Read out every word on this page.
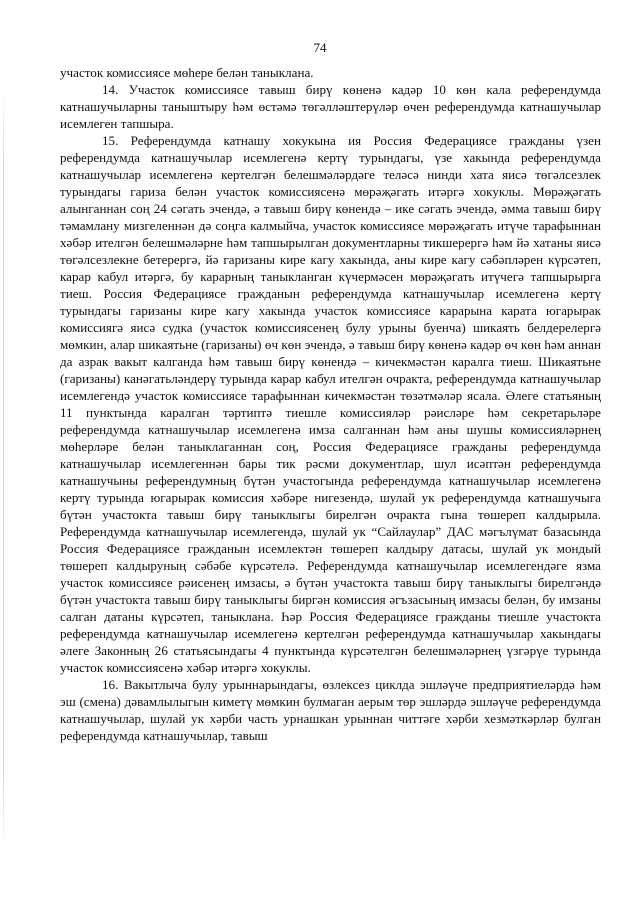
74

участок комиссиясе мөһере белән таныклана.

14. Участок комиссиясе тавыш бирү көненә кадәр 10 көн кала референдумда катнашучыларны таныштыру һәм өстәмә төгәлләштерүләр өчен референдумда катнашучылар исемлеген тапшыра.

15. Референдумда катнашу хокукына ия Россия Федерациясе гражданы үзен референдумда катнашучылар исемлегенә кертү турындагы, үзе хакында референдумда катнашучылар исемлегенә кертелгән белешмәләрдәге теләсә нинди хата яисә төгәлсезлек турындагы гариза белән участок комиссиясенә мөрәҗәгать итәргә хокуклы. Мөрәҗәгать алынганнан соң 24 сәгать эчендә, ә тавыш бирү көнендә – ике сәгать эчендә, әмма тавыш бирү тәмамлану мизгеленнән дә соңга калмыйча, участок комиссиясе мөрәҗәгать итүче тарафыннан хәбәр ителгән белешмәләрне һәм тапшырылган документларны тикшерергә һәм йә хатаны яисә төгәлсезлекне бетерергә, йә гаризаны кире кагу хакында, аны кире кагу сәбәпләрен күрсәтеп, карар кабул итәргә, бу карарның таныкланган күчермәсен мөрәҗәгать итүчегә тапшырырга тиеш. Россия Федерациясе гражданын референдумда катнашучылар исемлегенә кертү турындагы гаризаны кире кагу хакында участок комиссиясе карарына карата югарырак комиссиягә яисә судка (участок комиссиясенең булу урыны буенча) шикаять белдерелергә мөмкин, алар шикаятьне (гаризаны) өч көн эчендә, ә тавыш бирү көненә кадәр өч көн һәм аннан да азрак вакыт калганда һәм тавыш бирү көнендә – кичекмәстән каралга тиеш. Шикаятьне (гаризаны) канәгатьләндерү турында карар кабул ителгән очракта, референдумда катнашучылар исемлегендә участок комиссиясе тарафыннан кичекмәстән төзәтмәләр ясала. Әлеге статьяның 11 пунктында каралган тәртиптә тиешле комиссияләр рәисләре һәм секретарьләре референдумда катнашучылар исемлегенә имза салганнан һәм аны шушы комиссияләрнең мөһерләре белән таныклаганнан соң, Россия Федерациясе гражданы референдумда катнашучылар исемлегеннән бары тик рәсми документлар, шул исәптән референдумда катнашучыны референдумның бүтән участогында референдумда катнашучылар исемлегенә кертү турында югарырак комиссия хәбәре нигезендә, шулай ук референдумда катнашучыга бүтән участокта тавыш бирү таныклыгы бирелгән очракта гына төшереп калдырыла. Референдумда катнашучылар исемлегендә, шулай ук “Сайлаулар” ДАС мәгълүмат базасында Россия Федерациясе гражданын исемлектән төшереп калдыру датасы, шулай ук мондый төшереп калдыруның сәбәбе күрсәтелә. Референдумда катнашучылар исемлегендәге язма участок комиссиясе рәисенең имзасы, ә бүтән участокта тавыш бирү таныклыгы бирелгәндә бүтән участокта тавыш бирү таныклыгы биргән комиссия әгъзасының имзасы белән, бу имзаны салган датаны күрсәтеп, таныклана. Һәр Россия Федерациясе гражданы тиешле участокта референдумда катнашучылар исемлегенә кертелгән референдумда катнашучылар хакындагы әлеге Законның 26 статьясындагы 4 пунктында күрсәтелгән белешмәләрнең үзгәрүе турында участок комиссиясенә хәбәр итәргә хокуклы.

16. Вакытлыча булу урыннарындагы, өзлексез циклда эшләүче предприятиеләрдә һәм эш (смена) дәвамлылыгын киметү мөмкин булмаган аерым төр эшләрдә эшләүче референдумда катнашучылар, шулай ук хәрби часть урнашкан урыннан читтәге хәрби хезмәткәрләр булган референдумда катнашучылар, тавыш
